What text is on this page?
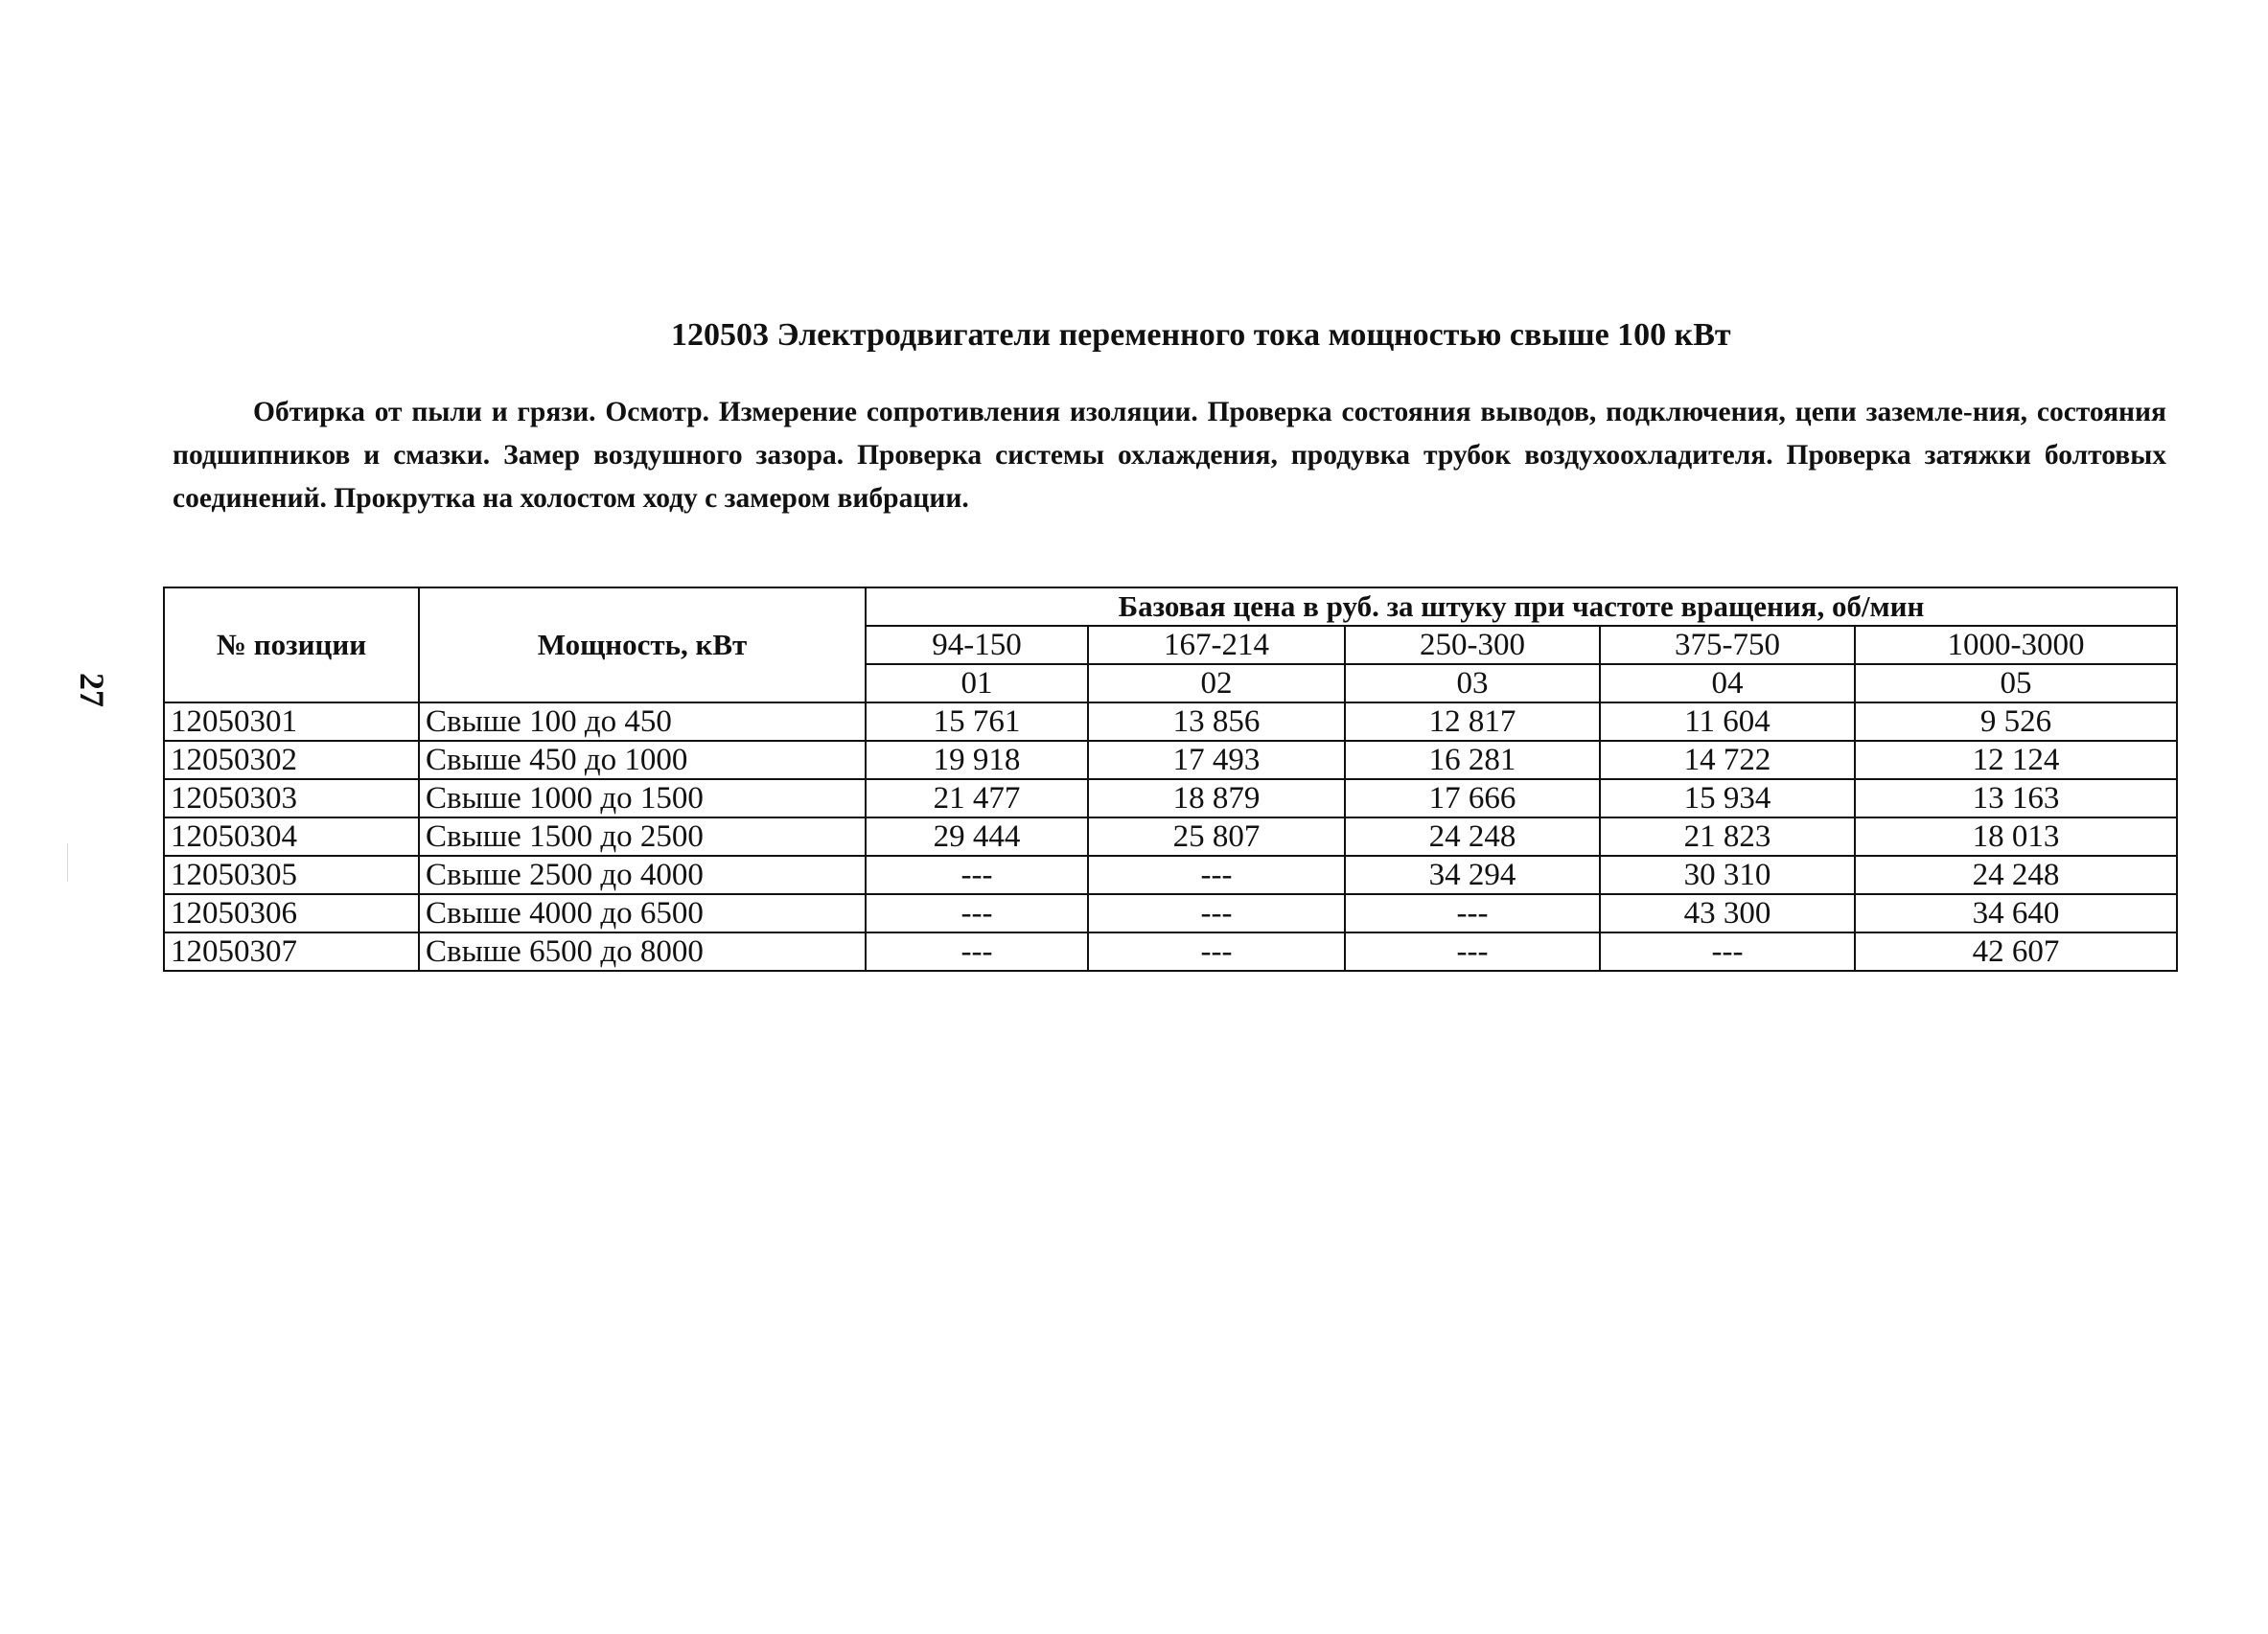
27
120503 Электродвигатели переменного тока мощностью свыше 100 кВт
Обтирка от пыли и грязи. Осмотр. Измерение сопротивления изоляции. Проверка состояния выводов, подключения, цепи заземле-ния, состояния подшипников и смазки. Замер воздушного зазора. Проверка системы охлаждения, продувка трубок воздухоохладителя. Проверка затяжки болтовых соединений. Прокрутка на холостом ходу с замером вибрации.
№ позиции	Мощность, кВт	Базовая цена в руб. за штуку при частоте вращения, об/мин				
		94-150	167-214	250-300	375-750	1000-3000
		01	02	03	04	05
12050301	Свыше 100 до 450	15 761	13 856	12 817	11 604	9 526
12050302	Свыше 450 до 1000	19 918	17 493	16 281	14 722	12 124
12050303	Свыше 1000 до 1500	21 477	18 879	17 666	15 934	13 163
12050304	Свыше 1500 до 2500	29 444	25 807	24 248	21 823	18 013
12050305	Свыше 2500 до 4000	---	---	34 294	30 310	24 248
12050306	Свыше 4000 до 6500	---	---	---	43 300	34 640
12050307	Свыше 6500 до 8000	---	---	---	---	42 607
